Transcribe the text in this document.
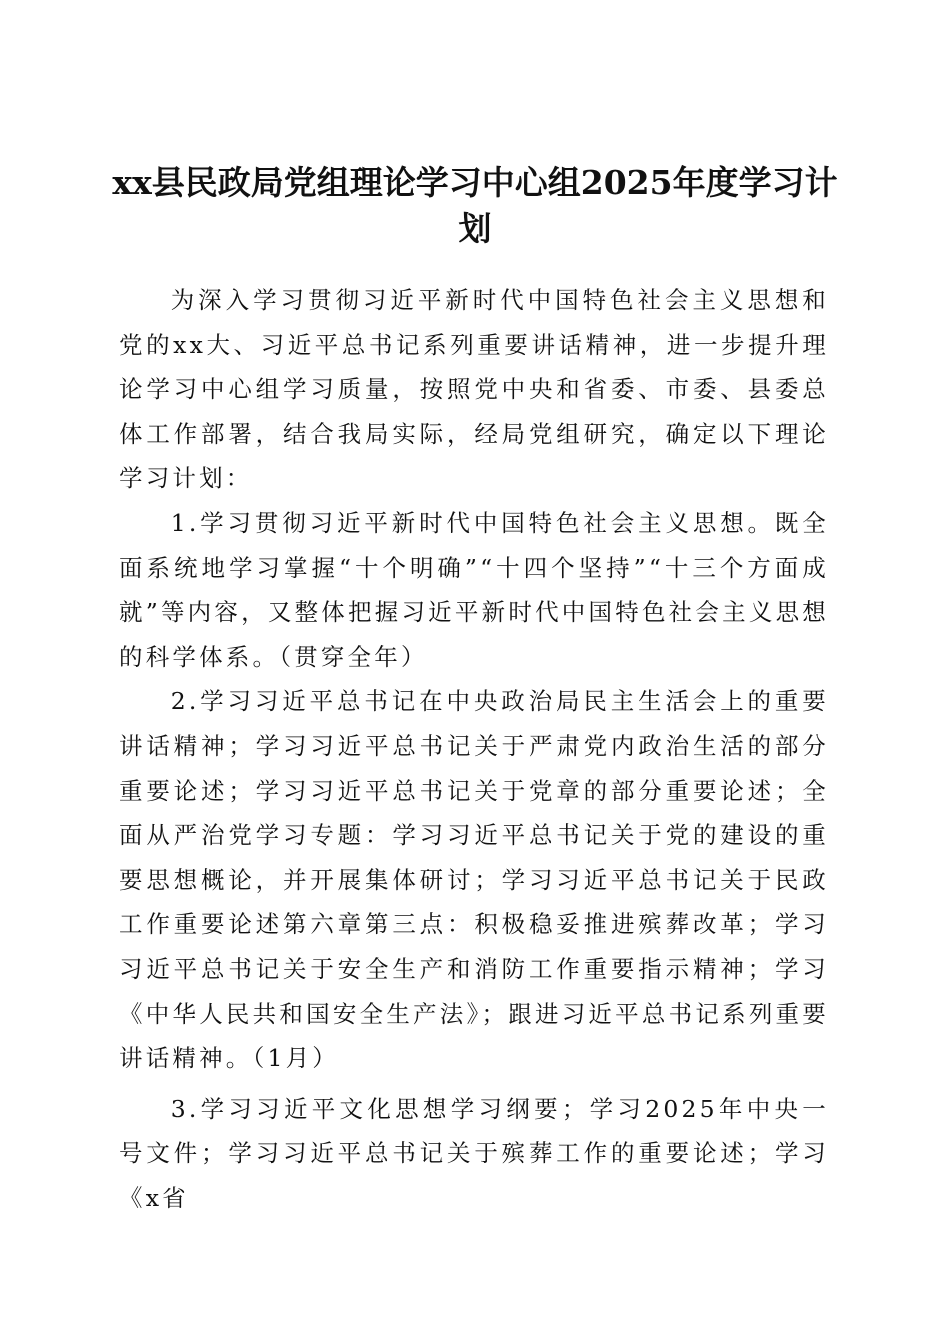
xx县民政局党组理论学习中心组2025年度学习计划

为深入学习贯彻习近平新时代中国特色社会主义思想和党的xx大、习近平总书记系列重要讲话精神，进一步提升理论学习中心组学习质量，按照党中央和省委、市委、县委总体工作部署，结合我局实际，经局党组研究，确定以下理论学习计划：

1.学习贯彻习近平新时代中国特色社会主义思想。既全面系统地学习掌握“十个明确”“十四个坚持”“十三个方面成就”等内容，又整体把握习近平新时代中国特色社会主义思想的科学体系。（贯穿全年）

2.学习习近平总书记在中央政治局民主生活会上的重要讲话精神；学习习近平总书记关于严肃党内政治生活的部分重要论述；学习习近平总书记关于党章的部分重要论述；全面从严治党学习专题：学习习近平总书记关于党的建设的重要思想概论，并开展集体研讨；学习习近平总书记关于民政工作重要论述第六章第三点：积极稳妥推进殡葬改革；学习习近平总书记关于安全生产和消防工作重要指示精神；学习《中华人民共和国安全生产法》；跟进习近平总书记系列重要讲话精神。（1月）

3.学习习近平文化思想学习纲要；学习2025年中央一号文件；学习习近平总书记关于殡葬工作的重要论述；学习《x省
